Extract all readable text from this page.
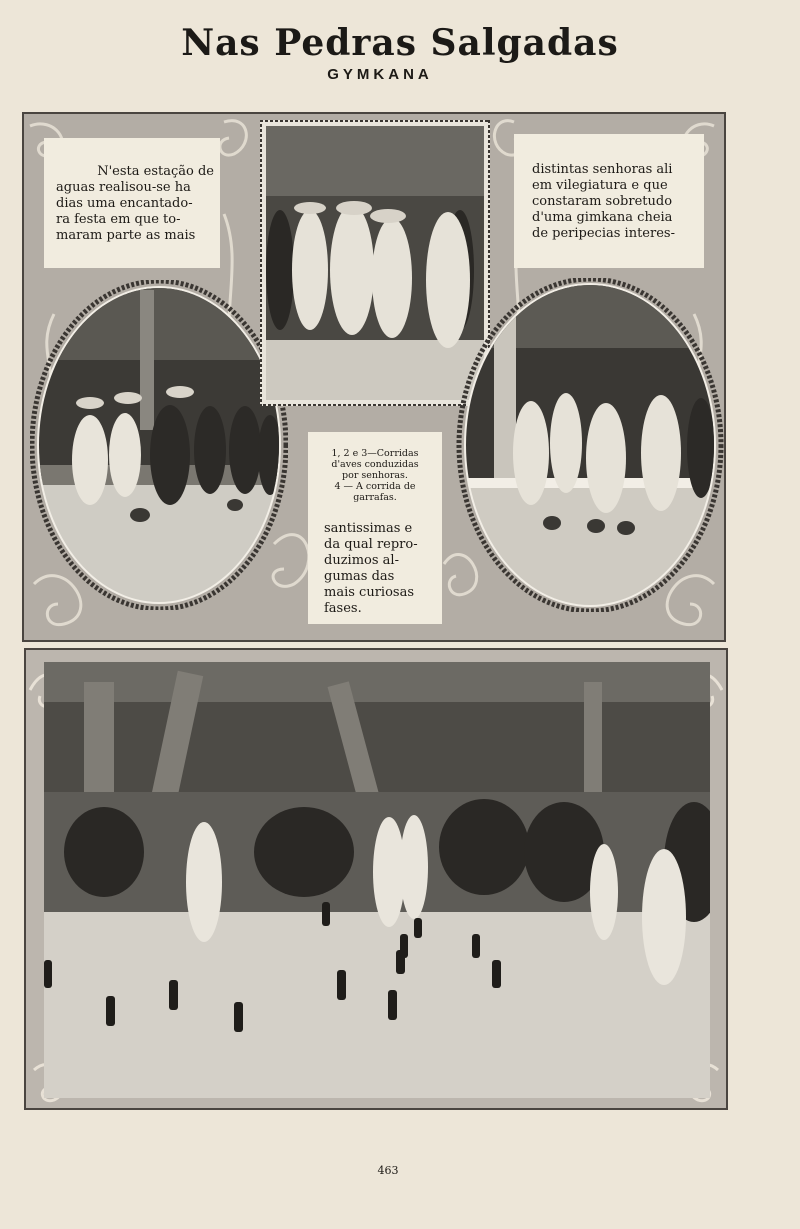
Nas Pedras Salgadas
GYMKANA
N'esta estação de
aguas realisou-se ha
dias uma encantado-
ra festa em que to-
maram parte as mais
distintas senhoras ali
em vilegiatura e que
constaram sobretudo
d'uma gimkana cheia
de peripecias interes-
1, 2 e 3—Corridas
d'aves conduzidas
por senhoras.
4 — A corrida de
garrafas.
santissimas e
da qual repro-
duzimos al-
gumas das
mais curiosas
fases.
463
